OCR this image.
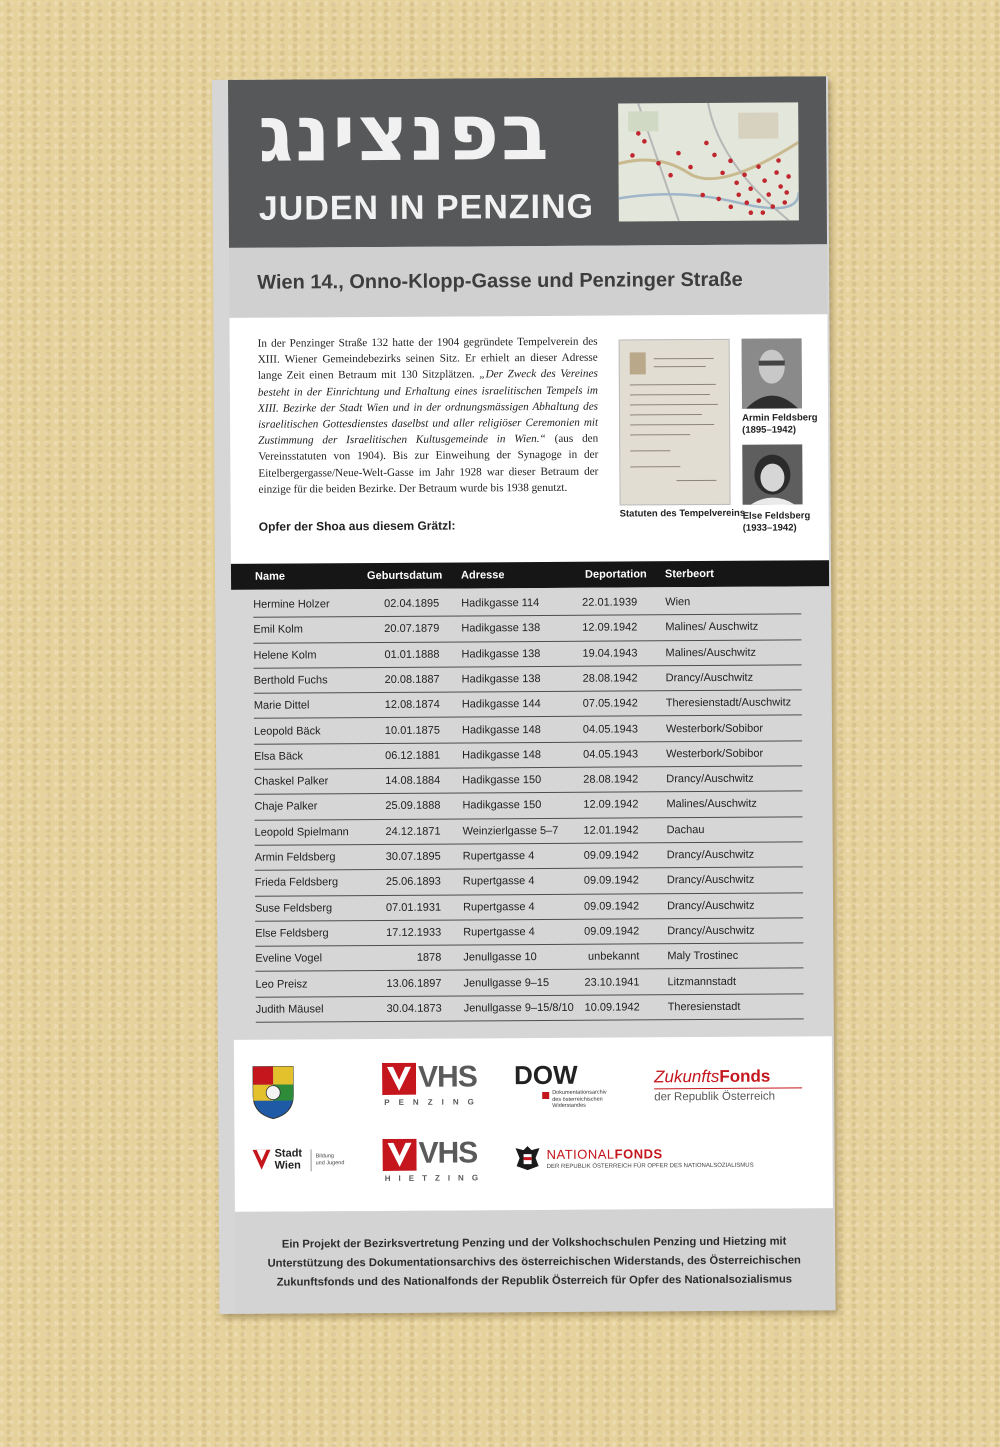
בפנצינג
JUDEN IN PENZING
Wien 14., Onno-Klopp-Gasse und Penzinger Straße

In der Penzinger Straße 132 hatte der 1904 gegründete Tempelverein des XIII. Wiener Gemeindebezirks seinen Sitz. Er erhielt an dieser Adresse lange Zeit einen Betraum mit 130 Sitzplätzen. „Der Zweck des Vereines besteht in der Einrichtung und Erhaltung eines israelitischen Tempels im XIII. Bezirke der Stadt Wien und in der ordnungsmässigen Abhaltung des israelitischen Gottesdienstes daselbst und aller religiöser Ceremonien mit Zustimmung der Israelitischen Kultusgemeinde in Wien.“ (aus den Vereinsstatuten von 1904). Bis zur Einweihung der Synagoge in der Eitelbergergasse/Neue-Welt-Gasse im Jahr 1928 war dieser Betraum der einzige für die beiden Bezirke. Der Betraum wurde bis 1938 genutzt.

Opfer der Shoa aus diesem Grätzl:
Statuten des Tempelvereins
Armin Feldsberg
(1895–1942)
Else Feldsberg
(1933–1942)
Name	Geburtsdatum Adresse	Deportation Sterbeort
Hermine Holzer	02.04.1895 Hadikgasse 114	22.01.1939	Wien
Emil Kolm	20.07.1879 Hadikgasse 138	12.09.1942	Malines/ Auschwitz
Helene Kolm	01.01.1888 Hadikgasse 138	19.04.1943	Malines/Auschwitz
Berthold Fuchs	20.08.1887 Hadikgasse 138	28.08.1942	Drancy/Auschwitz
Marie Dittel	12.08.1874 Hadikgasse 144	07.05.1942	Theresienstadt/Auschwitz
Leopold Bäck	10.01.1875 Hadikgasse 148	04.05.1943	Westerbork/Sobibor
Elsa Bäck	06.12.1881 Hadikgasse 148	04.05.1943	Westerbork/Sobibor
Chaskel Palker	14.08.1884 Hadikgasse 150	28.08.1942	Drancy/Auschwitz
Chaje Palker	25.09.1888 Hadikgasse 150	12.09.1942	Malines/Auschwitz
Leopold Spielmann	24.12.1871 Weinzierlgasse 5–7 12.01.1942	Dachau
Armin Feldsberg	30.07.1895 Rupertgasse 4	09.09.1942	Drancy/Auschwitz
Frieda Feldsberg	25.06.1893 Rupertgasse 4	09.09.1942	Drancy/Auschwitz
Suse Feldsberg	07.01.1931 Rupertgasse 4	09.09.1942	Drancy/Auschwitz
Else Feldsberg	17.12.1933 Rupertgasse 4	09.09.1942	Drancy/Auschwitz
Eveline Vogel	1878 Jenullgasse 10	unbekannt	Maly Trostinec
Leo Preisz	13.06.1897 Jenullgasse 9–15	23.10.1941	Litzmannstadt
Judith Mäusel	30.04.1873 Jenullgasse 9–15/8/10 10.09.1942	Theresienstadt
VHS
PENZING
DOW
Dokumentationsarchiv
des österreichischen
Widerstandes
ZukunftsFonds
der Republik Österreich
Stadt
Wien
Bildung
und Jugend VHS
HIETZING
NATIONALFONDS
DER REPUBLIK ÖSTERREICH FÜR OPFER DES NATIONALSOZIALISMUS

Ein Projekt der Bezirksvertretung Penzing und der Volkshochschulen Penzing und Hietzing mit Unterstützung des Dokumentationsarchivs des österreichischen Widerstands, des Österreichischen Zukunftsfonds und des Nationalfonds der Republik Österreich für Opfer des Nationalsozialismus
